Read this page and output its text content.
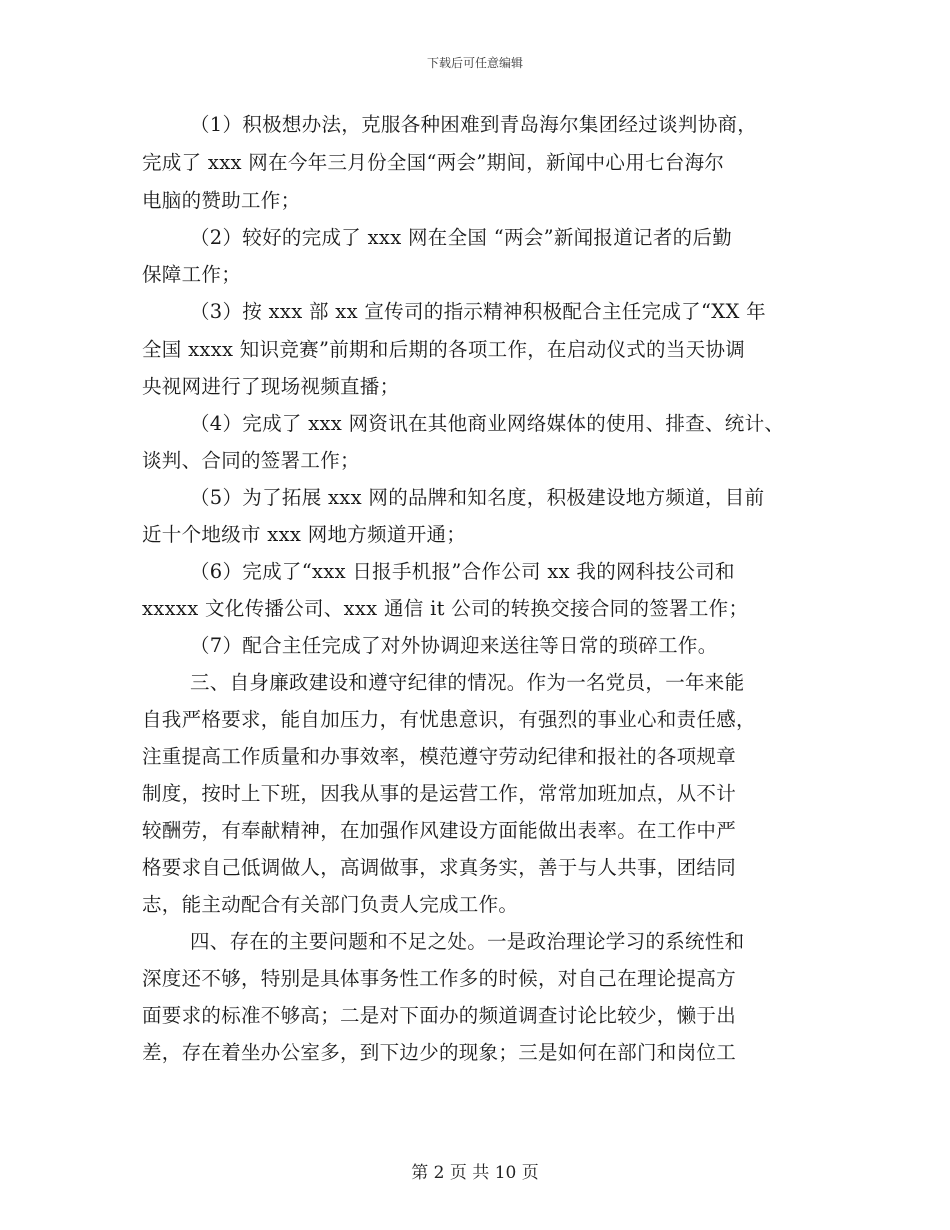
下载后可任意编辑
（1）积极想办法，克服各种困难到青岛海尔集团经过谈判协商，
完成了 xxx 网在今年三月份全国“两会”期间，新闻中心用七台海尔
电脑的赞助工作；
（2）较好的完成了 xxx 网在全国 “两会”新闻报道记者的后勤
保障工作；
（3）按 xxx 部 xx 宣传司的指示精神积极配合主任完成了“XX 年
全国 xxxx 知识竞赛”前期和后期的各项工作，在启动仪式的当天协调
央视网进行了现场视频直播；
（4）完成了 xxx 网资讯在其他商业网络媒体的使用、排查、统计、
谈判、合同的签署工作；
（5）为了拓展 xxx 网的品牌和知名度，积极建设地方频道，目前
近十个地级市 xxx 网地方频道开通；
（6）完成了“xxx 日报手机报”合作公司 xx 我的网科技公司和
xxxxx 文化传播公司、xxx 通信 it 公司的转换交接合同的签署工作；
（7）配合主任完成了对外协调迎来送往等日常的琐碎工作。
三、自身廉政建设和遵守纪律的情况。作为一名党员，一年来能
自我严格要求，能自加压力，有忧患意识，有强烈的事业心和责任感，
注重提高工作质量和办事效率，模范遵守劳动纪律和报社的各项规章
制度，按时上下班，因我从事的是运营工作，常常加班加点，从不计
较酬劳，有奉献精神，在加强作风建设方面能做出表率。在工作中严
格要求自己低调做人，高调做事，求真务实，善于与人共事，团结同
志，能主动配合有关部门负责人完成工作。
四、存在的主要问题和不足之处。一是政治理论学习的系统性和
深度还不够，特别是具体事务性工作多的时候，对自己在理论提高方
面要求的标准不够高；二是对下面办的频道调查讨论比较少，懒于出
差，存在着坐办公室多，到下边少的现象；三是如何在部门和岗位工
第 2 页 共 10 页
